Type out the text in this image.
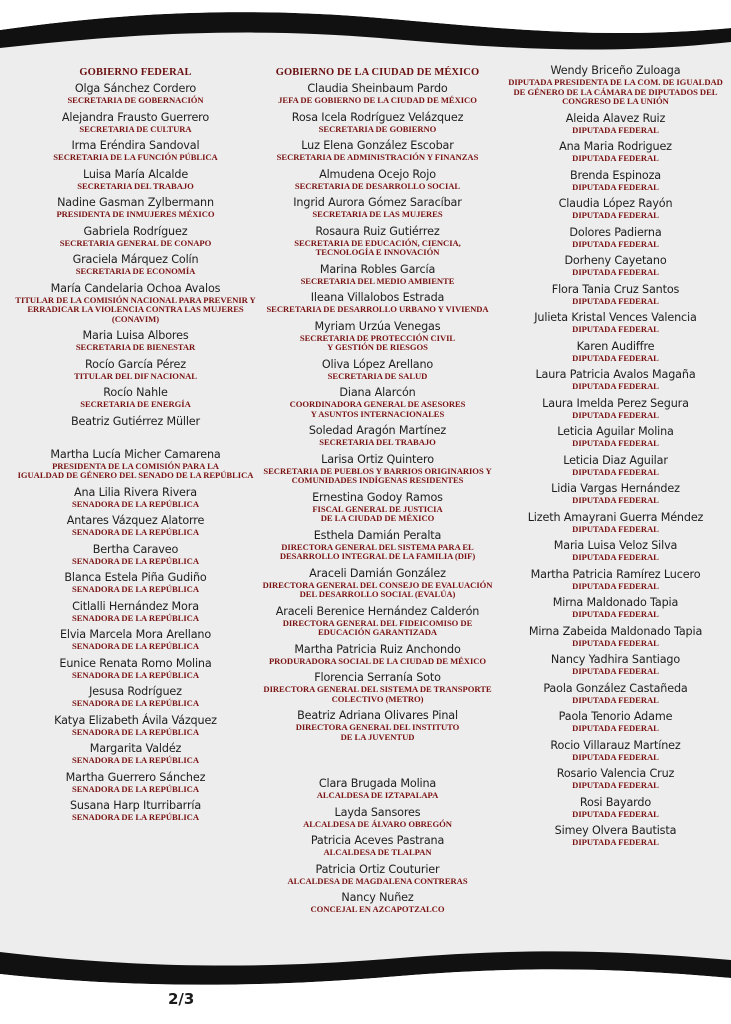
GOBIERNO FEDERAL
Olga Sánchez Cordero
SECRETARIA DE GOBERNACIÓN
Alejandra Frausto Guerrero
SECRETARIA DE CULTURA
Irma Eréndira Sandoval
SECRETARIA DE LA FUNCIÓN PÚBLICA
Luisa María Alcalde
SECRETARIA DEL TRABAJO
Nadine Gasman Zylbermann
PRESIDENTA DE INMUJERES MÉXICO
Gabriela Rodríguez
SECRETARIA GENERAL DE CONAPO
Graciela Márquez Colín
SECRETARIA DE ECONOMÍA
María Candelaria Ochoa Avalos
TITULAR DE LA COMISIÓN NACIONAL PARA PREVENIR Y
ERRADICAR LA VIOLENCIA CONTRA LAS MUJERES
(CONAVIM)
Maria Luisa Albores
SECRETARIA DE BIENESTAR
Rocío García Pérez
TITULAR DEL DIF NACIONAL
Rocío Nahle
SECRETARIA DE ENERGÍA
Beatriz Gutiérrez Müller
Martha Lucía Micher Camarena
PRESIDENTA DE LA COMISIÓN PARA LA
IGUALDAD DE GÉNERO DEL SENADO DE LA REPÚBLICA
Ana Lilia Rivera Rivera
SENADORA DE LA REPÚBLICA
Antares Vázquez Alatorre
SENADORA DE LA REPÚBLICA
Bertha Caraveo
SENADORA DE LA REPÚBLICA
Blanca Estela Piña Gudiño
SENADORA DE LA REPÚBLICA
Citlalli Hernández Mora
SENADORA DE LA REPÚBLICA
Elvia Marcela Mora Arellano
SENADORA DE LA REPÚBLICA
Eunice Renata Romo Molina
SENADORA DE LA REPÚBLICA
Jesusa Rodríguez
SENADORA DE LA REPÚBLICA
Katya Elizabeth Ávila Vázquez
SENADORA DE LA REPÚBLICA
Margarita Valdéz
SENADORA DE LA REPÚBLICA
Martha Guerrero Sánchez
SENADORA DE LA REPÚBLICA
Susana Harp Iturribarría
SENADORA DE LA REPÚBLICA
GOBIERNO DE LA CIUDAD DE MÉXICO
Claudia Sheinbaum Pardo
JEFA DE GOBIERNO DE LA CIUDAD DE MÉXICO
Rosa Icela Rodríguez Velázquez
SECRETARIA DE GOBIERNO
Luz Elena González Escobar
SECRETARIA DE ADMINISTRACIÓN Y FINANZAS
Almudena Ocejo Rojo
SECRETARIA DE DESARROLLO SOCIAL
Ingrid Aurora Gómez Saracíbar
SECRETARIA DE LAS MUJERES
Rosaura Ruiz Gutiérrez
SECRETARIA DE EDUCACIÓN, CIENCIA,
TECNOLOGÍA E INNOVACIÓN
Marina Robles García
SECRETARIA DEL MEDIO AMBIENTE
Ileana Villalobos Estrada
SECRETARIA DE DESARROLLO URBANO Y VIVIENDA
Myriam Urzúa Venegas
SECRETARIA DE PROTECCIÓN CIVIL
Y GESTIÓN DE RIESGOS
Oliva López Arellano
SECRETARIA DE SALUD
Diana Alarcón
COORDINADORA GENERAL DE ASESORES
Y ASUNTOS INTERNACIONALES
Soledad Aragón Martínez
SECRETARIA DEL TRABAJO
Larisa Ortiz Quintero
SECRETARIA DE PUEBLOS Y BARRIOS ORIGINARIOS Y
COMUNIDADES INDÍGENAS RESIDENTES
Ernestina Godoy Ramos
FISCAL GENERAL DE JUSTICIA
DE LA CIUDAD DE MÉXICO
Esthela Damián Peralta
DIRECTORA GENERAL DEL SISTEMA PARA EL
DESARROLLO INTEGRAL DE LA FAMILIA (DIF)
Araceli Damián González
DIRECTORA GENERAL DEL CONSEJO DE EVALUACIÓN
DEL DESARROLLO SOCIAL (EVALÚA)
Araceli Berenice Hernández Calderón
DIRECTORA GENERAL DEL FIDEICOMISO DE
EDUCACIÓN GARANTIZADA
Martha Patricia Ruiz Anchondo
PRODURADORA SOCIAL DE LA CIUDAD DE MÉXICO
Florencia Serranía Soto
DIRECTORA GENERAL DEL SISTEMA DE TRANSPORTE
COLECTIVO (METRO)
Beatriz Adriana Olivares Pinal
DIRECTORA GENERAL DEL INSTITUTO
DE LA JUVENTUD
Clara Brugada Molina
ALCALDESA DE IZTAPALAPA
Layda Sansores
ALCALDESA DE ÁLVARO OBREGÓN
Patricia Aceves Pastrana
ALCALDESA DE TLALPAN
Patricia Ortiz Couturier
ALCALDESA DE MAGDALENA CONTRERAS
Nancy Nuñez
CONCEJAL EN AZCAPOTZALCO
Wendy Briceño Zuloaga
DIPUTADA PRESIDENTA DE LA COM. DE IGUALDAD
DE GÉNERO DE LA CÁMARA DE DIPUTADOS DEL
CONGRESO DE LA UNIÓN
Aleida Alavez Ruiz
DIPUTADA FEDERAL
Ana Maria Rodriguez
DIPUTADA FEDERAL
Brenda Espinoza
DIPUTADA FEDERAL
Claudia López Rayón
DIPUTADA FEDERAL
Dolores Padierna
DIPUTADA FEDERAL
Dorheny Cayetano
DIPUTADA FEDERAL
Flora Tania Cruz Santos
DIPUTADA FEDERAL
Julieta Kristal Vences Valencia
DIPUTADA FEDERAL
Karen Audiffre
DIPUTADA FEDERAL
Laura Patricia Avalos Magaña
DIPUTADA FEDERAL
Laura Imelda Perez Segura
DIPUTADA FEDERAL
Leticia Aguilar Molina
DIPUTADA FEDERAL
Leticia Diaz Aguilar
DIPUTADA FEDERAL
Lidia Vargas Hernández
DIPUTADA FEDERAL
Lizeth Amayrani Guerra Méndez
DIPUTADA FEDERAL
Maria Luisa Veloz Silva
DIPUTADA FEDERAL
Martha Patricia Ramírez Lucero
DIPUTADA FEDERAL
Mirna Maldonado Tapia
DIPUTADA FEDERAL
Mirna Zabeida Maldonado Tapia
DIPUTADA FEDERAL
Nancy Yadhira Santiago
DIPUTADA FEDERAL
Paola González Castañeda
DIPUTADA FEDERAL
Paola Tenorio Adame
DIPUTADA FEDERAL
Rocio Villarauz Martínez
DIPUTADA FEDERAL
Rosario Valencia Cruz
DIPUTADA FEDERAL
Rosi Bayardo
DIPUTADA FEDERAL
Simey Olvera Bautista
DIPUTADA FEDERAL
2/3
